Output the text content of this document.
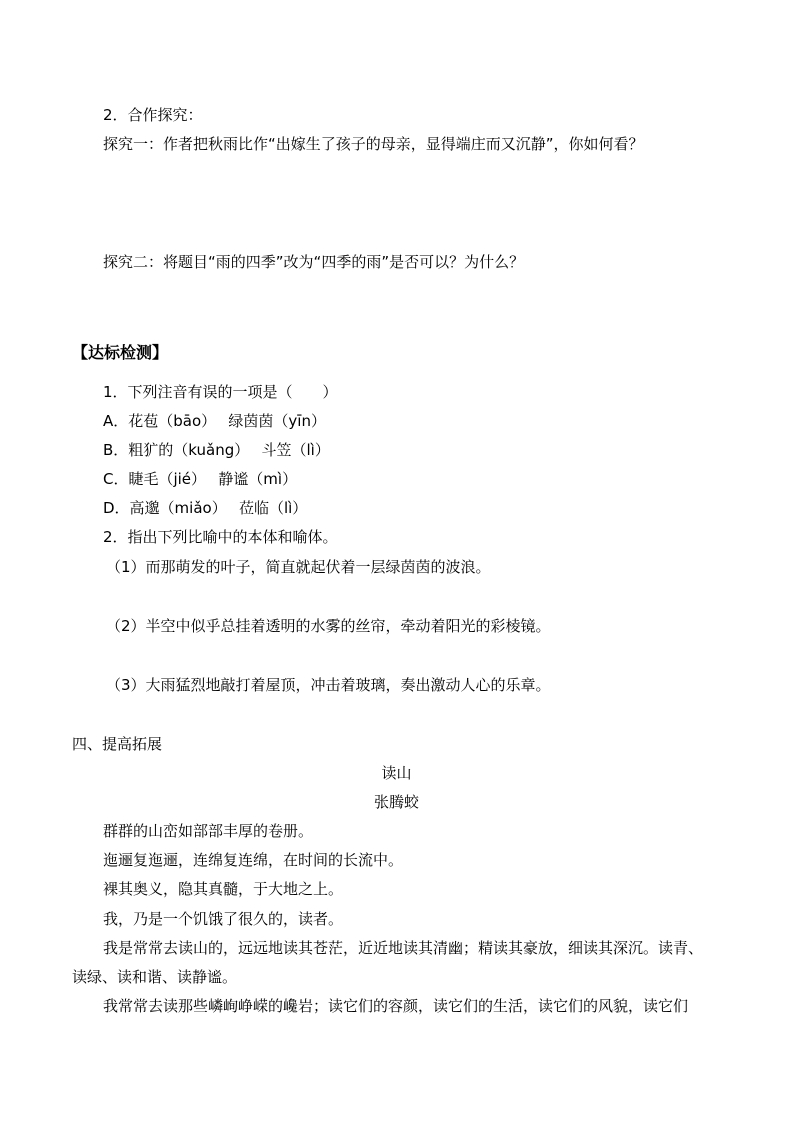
2．合作探究：
探究一：作者把秋雨比作“出嫁生了孩子的母亲，显得端庄而又沉静”，你如何看？
探究二：将题目“雨的四季”改为“四季的雨”是否可以？为什么？
【达标检测】
1．下列注音有误的一项是（　　）
A．花苞（bāo）　 绿茵茵（yīn）
B．粗犷的（kuǎng）　 斗笠（lì）
C．睫毛（jié）　 静谧（mì）
D．高邈（miǎo）　 莅临（lì）
2．指出下列比喻中的本体和喻体。
（1）而那萌发的叶子，简直就起伏着一层绿茵茵的波浪。
（2）半空中似乎总挂着透明的水雾的丝帘，牵动着阳光的彩棱镜。
（3）大雨猛烈地敲打着屋顶，冲击着玻璃，奏出激动人心的乐章。
四、提高拓展
读山
张腾蛟
群群的山峦如部部丰厚的卷册。
迤逦复迤逦，连绵复连绵，在时间的长流中。
裸其奥义，隐其真髓，于大地之上。
我，乃是一个饥饿了很久的，读者。
我是常常去读山的，远远地读其苍茫，近近地读其清幽；精读其豪放，细读其深沉。读青、
读绿、读和谐、读静谧。
我常常去读那些嶙峋峥嵘的巉岩；读它们的容颜，读它们的生活，读它们的风貌，读它们
